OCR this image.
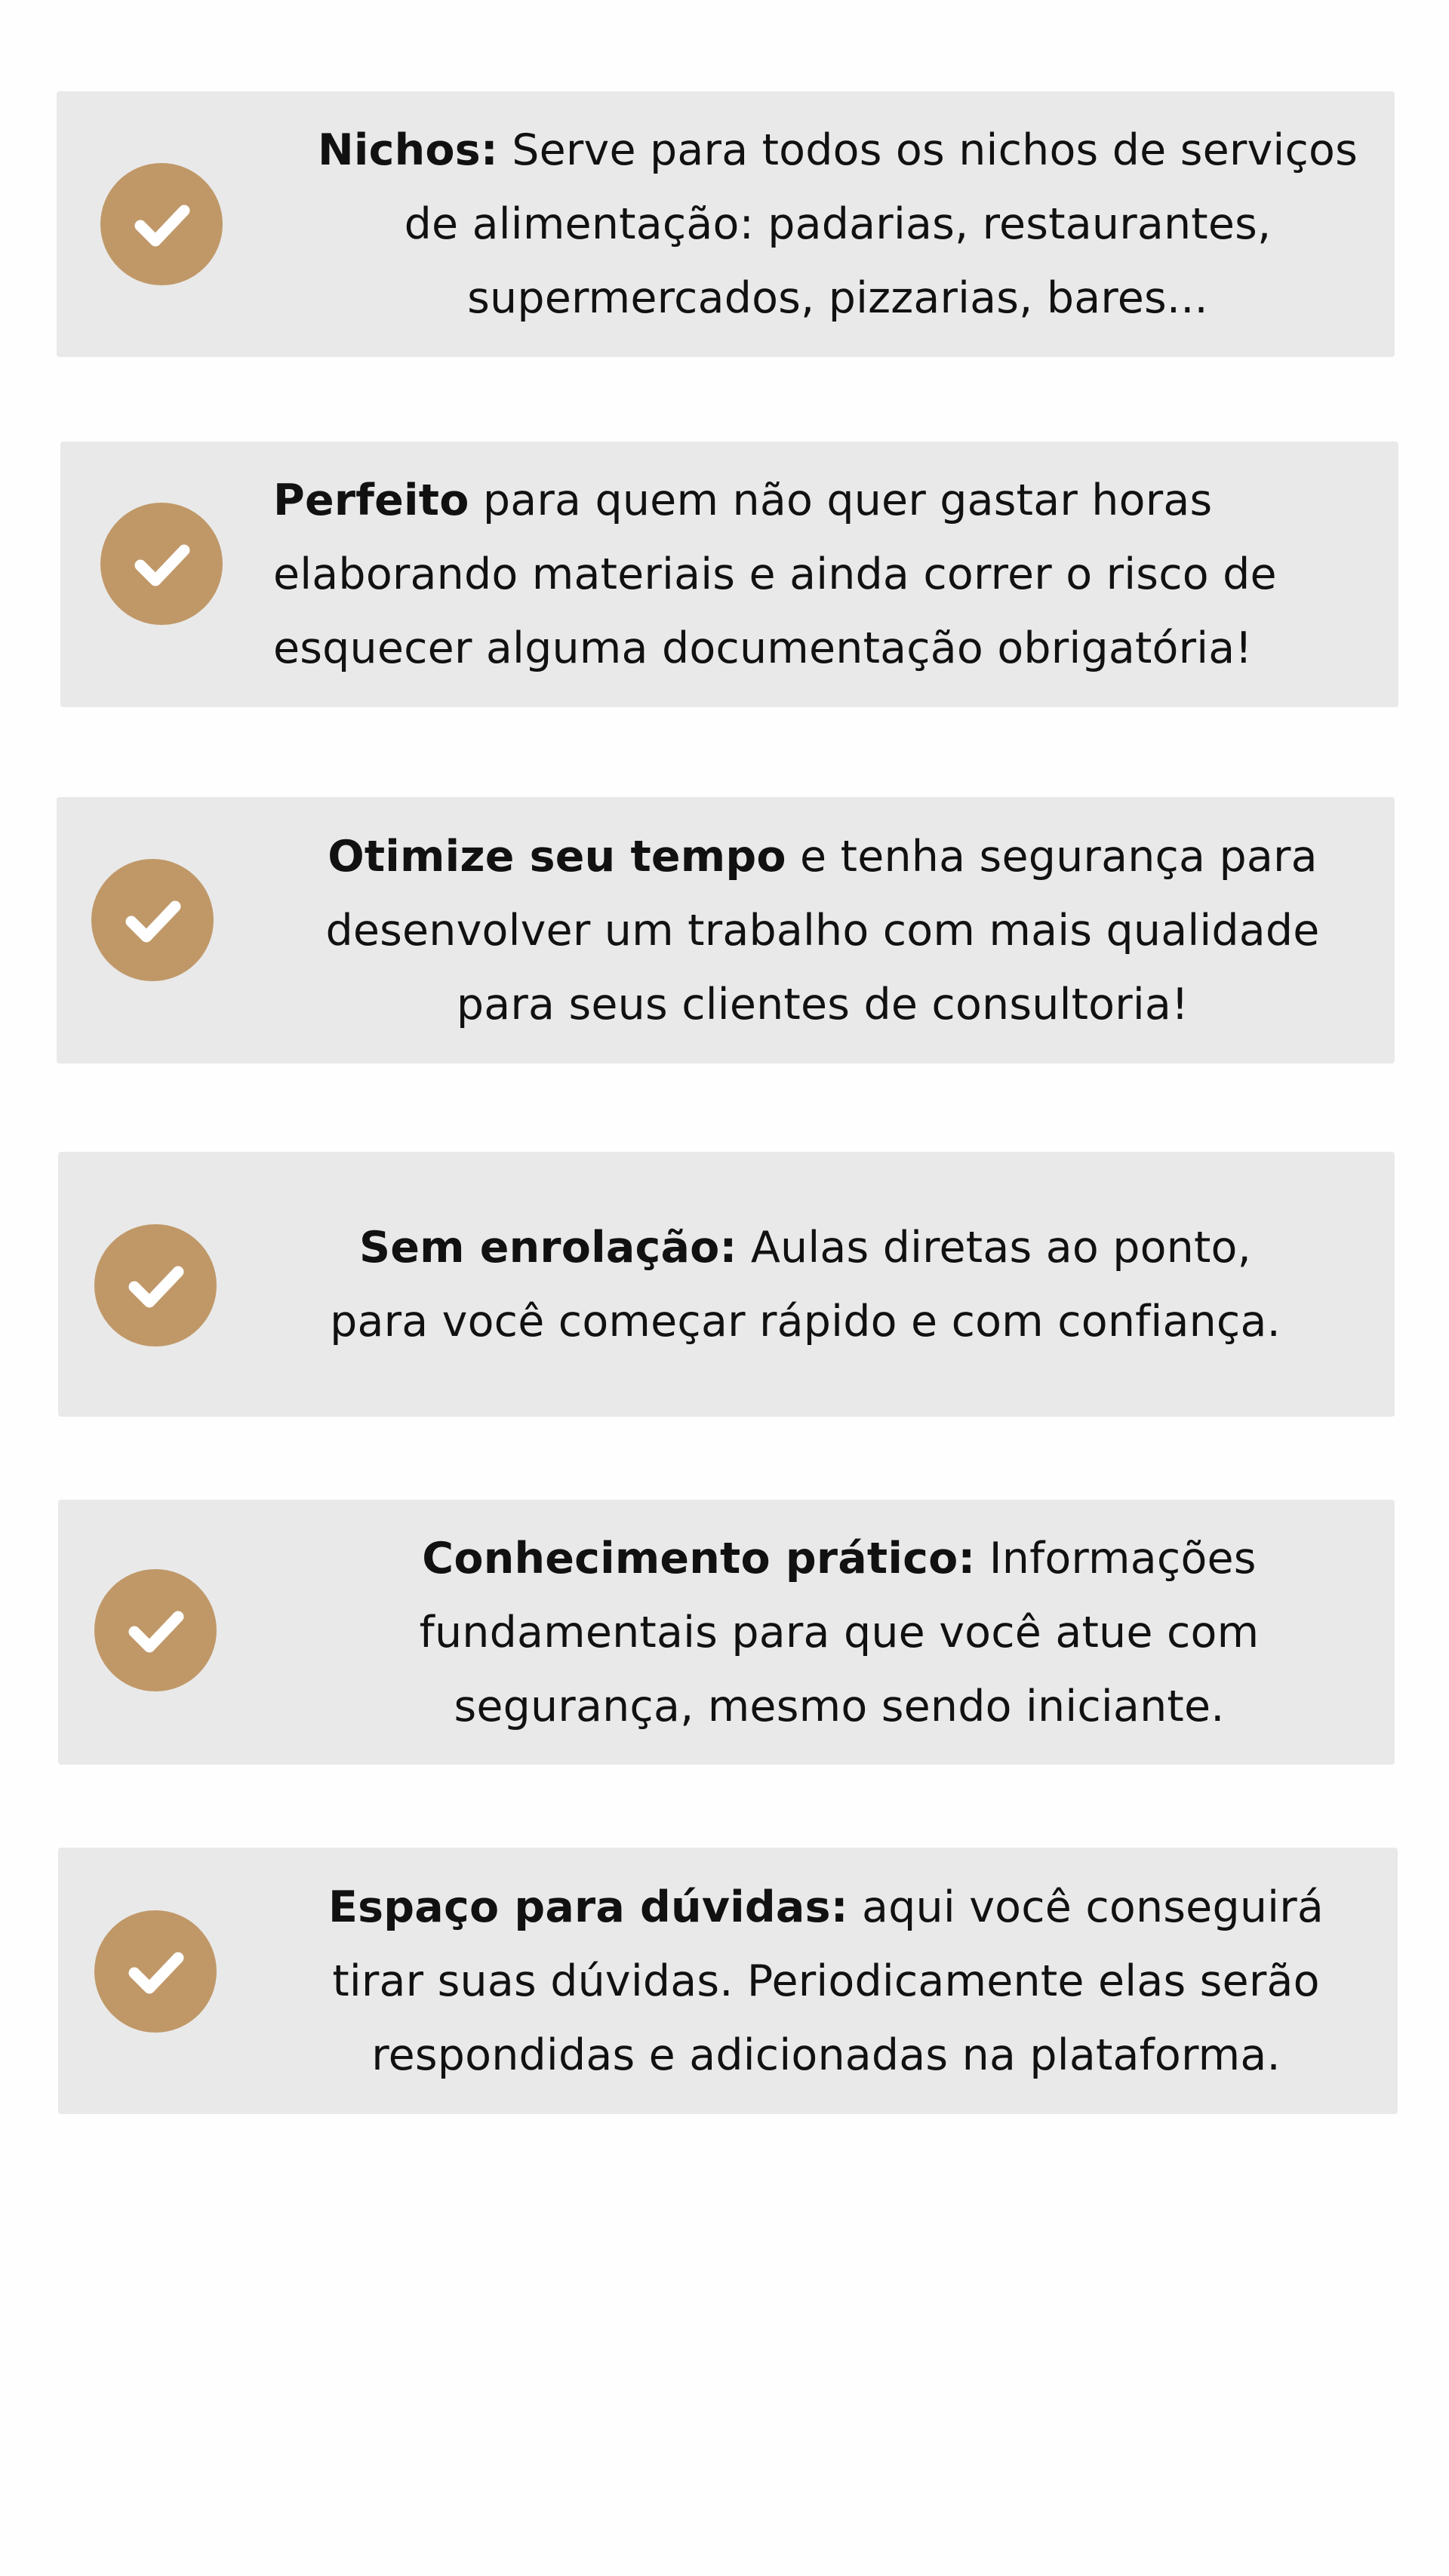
Nichos: Serve para todos os nichos de serviços
de alimentação: padarias, restaurantes,
supermercados, pizzarias, bares...
Perfeito para quem não quer gastar horas
elaborando materiais e ainda correr o risco de
esquecer alguma documentação obrigatória!
Otimize seu tempo e tenha segurança para
desenvolver um trabalho com mais qualidade
para seus clientes de consultoria!
Sem enrolação: Aulas diretas ao ponto,
para você começar rápido e com confiança.
Conhecimento prático: Informações
fundamentais para que você atue com
segurança, mesmo sendo iniciante.
Espaço para dúvidas: aqui você conseguirá
tirar suas dúvidas. Periodicamente elas serão
respondidas e adicionadas na plataforma.
